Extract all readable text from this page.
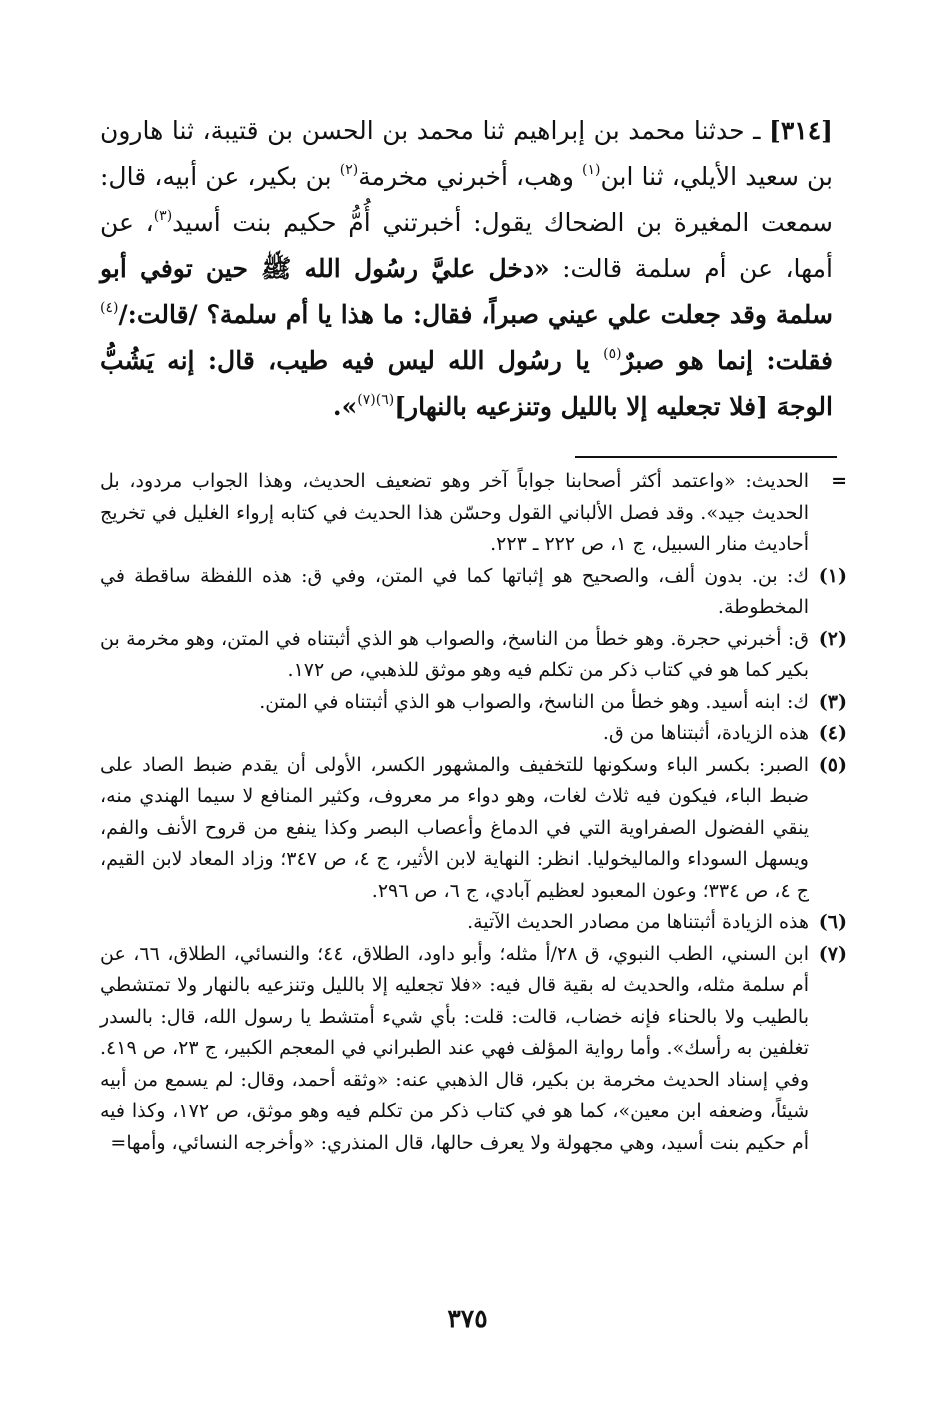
[٣١٤] ـ حدثنا محمد بن إبراهيم ثنا محمد بن الحسن بن قتيبة، ثنا هارون بن سعيد الأيلي، ثنا ابن$^{(١)}$ وهب، أخبرني مخرمة$^{(٢)}$ بن بكير، عن أبيه، قال: سمعت المغيرة بن الضحاك يقول: أخبرتني أُمُّ حكيم بنت أسيد$^{(٣)}$، عن أمها، عن أم سلمة قالت: «دخل عليَّ رسُول الله ﷺ حين توفي أبو سلمة وقد جعلت علي عيني صبراً، فقال: ما هذا يا أم سلمة؟ /قالت:/$^{(٤)}$ فقلت: إنما هو صبرٌ$^{(٥)}$ يا رسُول الله ليس فيه طيب، قال: إنه يَشُبُّ الوجهَ [فلا تجعليه إلا بالليل وتنزعيه بالنهار]$^{(٦)(٧)}$».

=

الحديث: «واعتمد أكثر أصحابنا جواباً آخر وهو تضعيف الحديث، وهذا الجواب مردود، بل الحديث جيد». وقد فصل الألباني القول وحسّن هذا الحديث في كتابه إرواء الغليل في تخريج أحاديث منار السبيل، ج ١، ص ٢٢٢ ـ ٢٢٣.

(١)

ك: بن. بدون ألف، والصحيح هو إثباتها كما في المتن، وفي ق: هذه اللفظة ساقطة في المخطوطة.

(٢)

ق: أخبرني حجرة. وهو خطأ من الناسخ، والصواب هو الذي أثبتناه في المتن، وهو مخرمة بن بكير كما هو في كتاب ذكر من تكلم فيه وهو موثق للذهبي، ص ١٧٢.

(٣)

ك: ابنه أسيد. وهو خطأ من الناسخ، والصواب هو الذي أثبتناه في المتن.

(٤)

هذه الزيادة، أثبتناها من ق.

(٥)

الصبر: بكسر الباء وسكونها للتخفيف والمشهور الكسر، الأولى أن يقدم ضبط الصاد على ضبط الباء، فيكون فيه ثلاث لغات، وهو دواء مر معروف، وكثير المنافع لا سيما الهندي منه، ينقي الفضول الصفراوية التي في الدماغ وأعصاب البصر وكذا ينفع من قروح الأنف والفم، ويسهل السوداء والماليخوليا. انظر: النهاية لابن الأثير، ج ٤، ص ٣٤٧؛ وزاد المعاد لابن القيم، ج ٤، ص ٣٣٤؛ وعون المعبود لعظيم آبادي، ج ٦، ص ٢٩٦.

(٦)

هذه الزيادة أثبتناها من مصادر الحديث الآتية.

(٧)

ابن السني، الطب النبوي، ق ٢٨/أ مثله؛ وأبو داود، الطلاق، ٤٤؛ والنسائي، الطلاق، ٦٦، عن أم سلمة مثله، والحديث له بقية قال فيه: «فلا تجعليه إلا بالليل وتنزعيه بالنهار ولا تمتشطي بالطيب ولا بالحناء فإنه خضاب، قالت: قلت: بأي شيء أمتشط يا رسول الله، قال: بالسدر تغلفين به رأسك». وأما رواية المؤلف فهي عند الطبراني في المعجم الكبير، ج ٢٣، ص ٤١٩. وفي إسناد الحديث مخرمة بن بكير، قال الذهبي عنه: «وثقه أحمد، وقال: لم يسمع من أبيه شيئاً، وضعفه ابن معين»، كما هو في كتاب ذكر من تكلم فيه وهو موثق، ص ١٧٢، وكذا فيه أم حكيم بنت أسيد، وهي مجهولة ولا يعرف حالها، قال المنذري: «وأخرجه النسائي، وأمها=

٣٧٥
